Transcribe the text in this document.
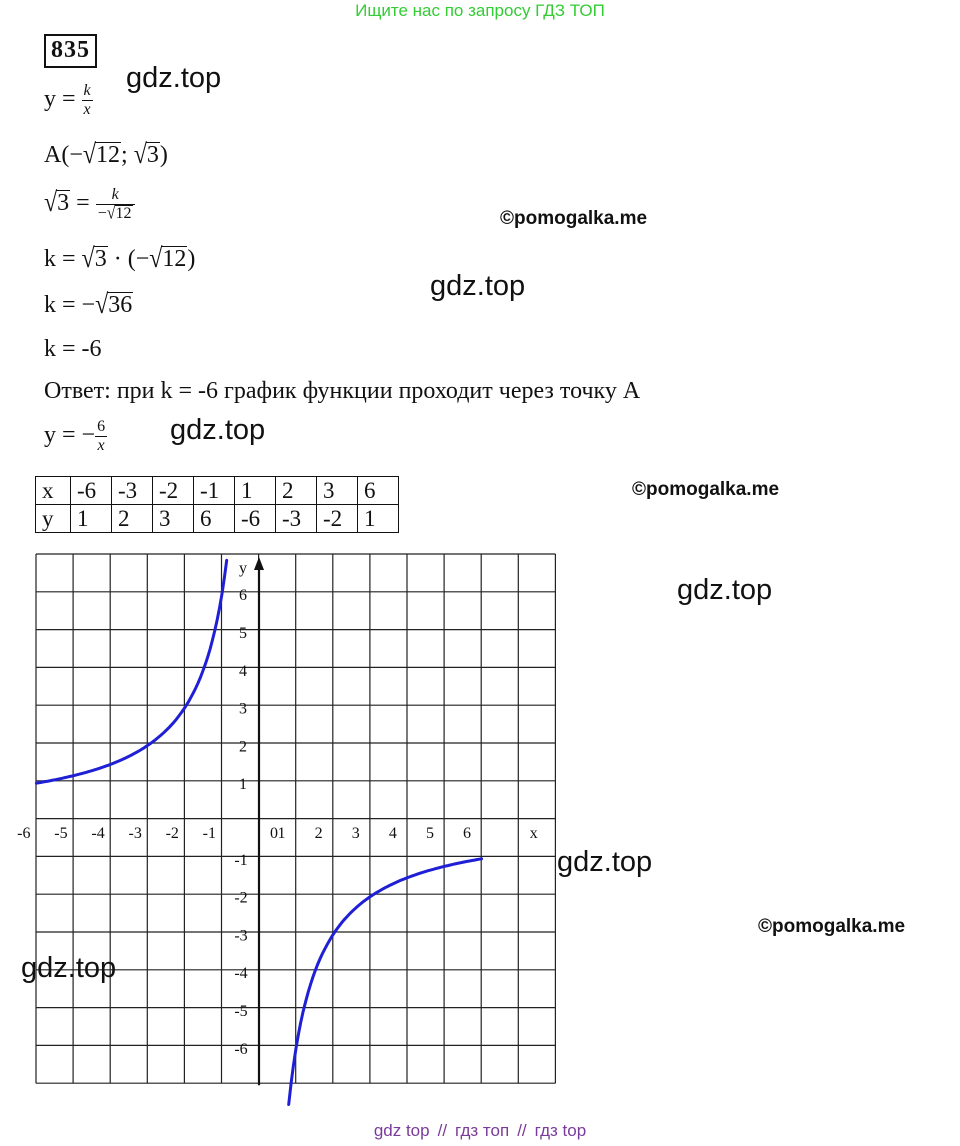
Ищите нас по запросу ГДЗ ТОП
835
$y = \frac{k}{x}$
A(−√12; √3)
$√3 = \frac{k}{-√12}$
k = √3 · (−√12)
k = −√36
k = -6
Ответ: при k = -6 график функции проходит через точку А
y = − $\frac{6}{x}$
x	-6	-3	-2	-1	1	2	3	6
y	1	2	3	6	-6	-3	-2	1
-6 -5 -4 -3 -2 -1	1 2 3 4 5 6
0	x
y
6
5
4
3
2
1
-1
-2
-3
-4
-5
-6
gdz.top
gdz.top
gdz.top
gdz.top
gdz.top
gdz.top
©pomogalka.me
©pomogalka.me
©pomogalka.me
gdz top // гдз топ // гдз top
